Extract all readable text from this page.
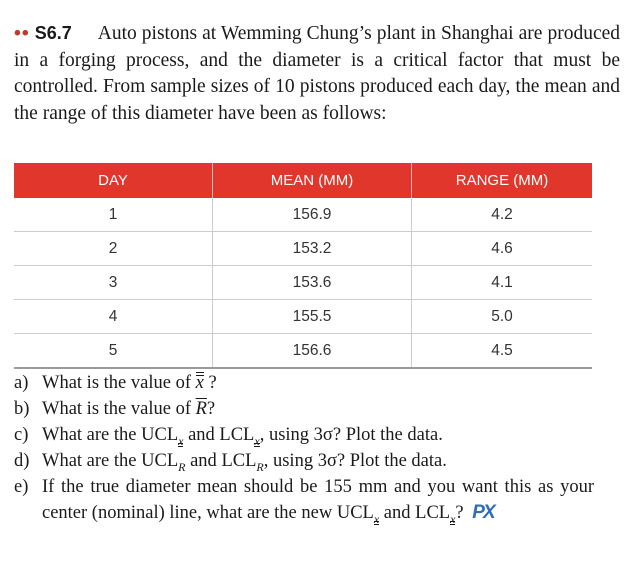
•• S6.7 Auto pistons at Wemming Chung’s plant in Shanghai are produced in a forging process, and the diameter is a critical factor that must be controlled. From sample sizes of 10 pistons produced each day, the mean and the range of this diameter have been as follows:

DAY	MEAN (MM)	RANGE (MM)
1	156.9	4.2
2	153.2	4.6
3	153.6	4.1
4	155.5	5.0
5	156.6	4.5
a) What is the value of x ?
b) What is the value of $\overline{R}$?
c) What are the $UCL_x$ and $LCL_x$, using 3σ? Plot the data.
d) What are the $UCL_R$ and $LCL_R$, using 3σ? Plot the data.
e) If the true diameter mean should be 155 mm and you want this as your center (nominal) line, what are the new $UCL_x$ and $LCL_x$? PX
